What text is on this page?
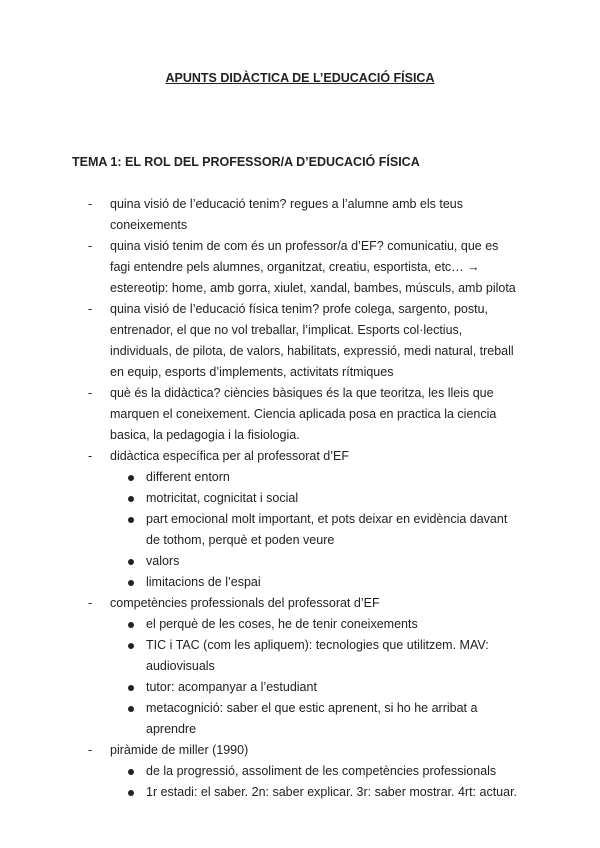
APUNTS DIDÀCTICA DE L’EDUCACIÓ FÍSICA
TEMA 1: EL ROL DEL PROFESSOR/A D’EDUCACIÓ FÍSICA
- quina visió de l’educació tenim? regues a l’alumne amb els teus coneixements
- quina visió tenim de com és un professor/a d’EF? comunicatiu, que es fagi entendre pels alumnes, organitzat, creatiu, esportista, etc… → estereotip: home, amb gorra, xiulet, xandal, bambes, músculs, amb pilota
- quina visió de l’educació física tenim? profe colega, sargento, postu, entrenador, el que no vol treballar, l’implicat. Esports col·lectius, individuals, de pilota, de valors, habilitats, expressió, medi natural, treball en equip, esports d’implements, activitats rítmiques
- què és la didàctica? ciències bàsiques és la que teoritza, les lleis que marquen el coneixement. Ciencia aplicada posa en practica la ciencia basica, la pedagogia i la fisiologia.
- didàctica específica per al professorat d’EF
different entorn
motricitat, cognicitat i social
part emocional molt important, et pots deixar en evidència davant de tothom, perquè et poden veure
valors
limitacions de l’espai
- competències professionals del professorat d’EF
el perquè de les coses, he de tenir coneixements
TIC i TAC (com les apliquem): tecnologies que utilitzem. MAV: audiovisuals
tutor: acompanyar a l’estudiant
metacognició: saber el que estic aprenent, si ho he arribat a aprendre
- piràmide de miller (1990)
de la progressió, assoliment de les competències professionals
1r estadi: el saber. 2n: saber explicar. 3r: saber mostrar. 4rt: actuar.
